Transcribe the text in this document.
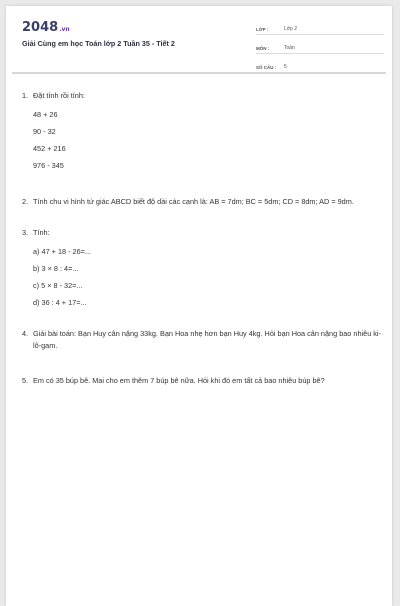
2048.vn
Giải Cùng em học Toán lớp 2 Tuần 35 - Tiết 2
LỚP :	Lớp 2
MÔN :	Toán
SỐ CÂU :	5
1. Đặt tính rồi tính:
48 + 26
90 - 32
452 + 216
976 - 345
2. Tính chu vi hình tứ giác ABCD biết độ dài các cạnh là: AB = 7dm; BC = 5dm; CD = 8dm; AD = 9dm.
3. Tính:
a) 47 + 18 - 26=...
b) 3 × 8 : 4=...
c) 5 × 8 - 32=...
d) 36 : 4 + 17=...
4. Giải bài toán: Bạn Huy cân nặng 33kg. Bạn Hoa nhẹ hơn bạn Huy 4kg. Hỏi bạn Hoa cân nặng bao nhiêu ki-lô-gam.
5. Em có 35 búp bê. Mai cho em thêm 7 búp bê nữa. Hỏi khi đó em tất cả bao nhiêu búp bê?
